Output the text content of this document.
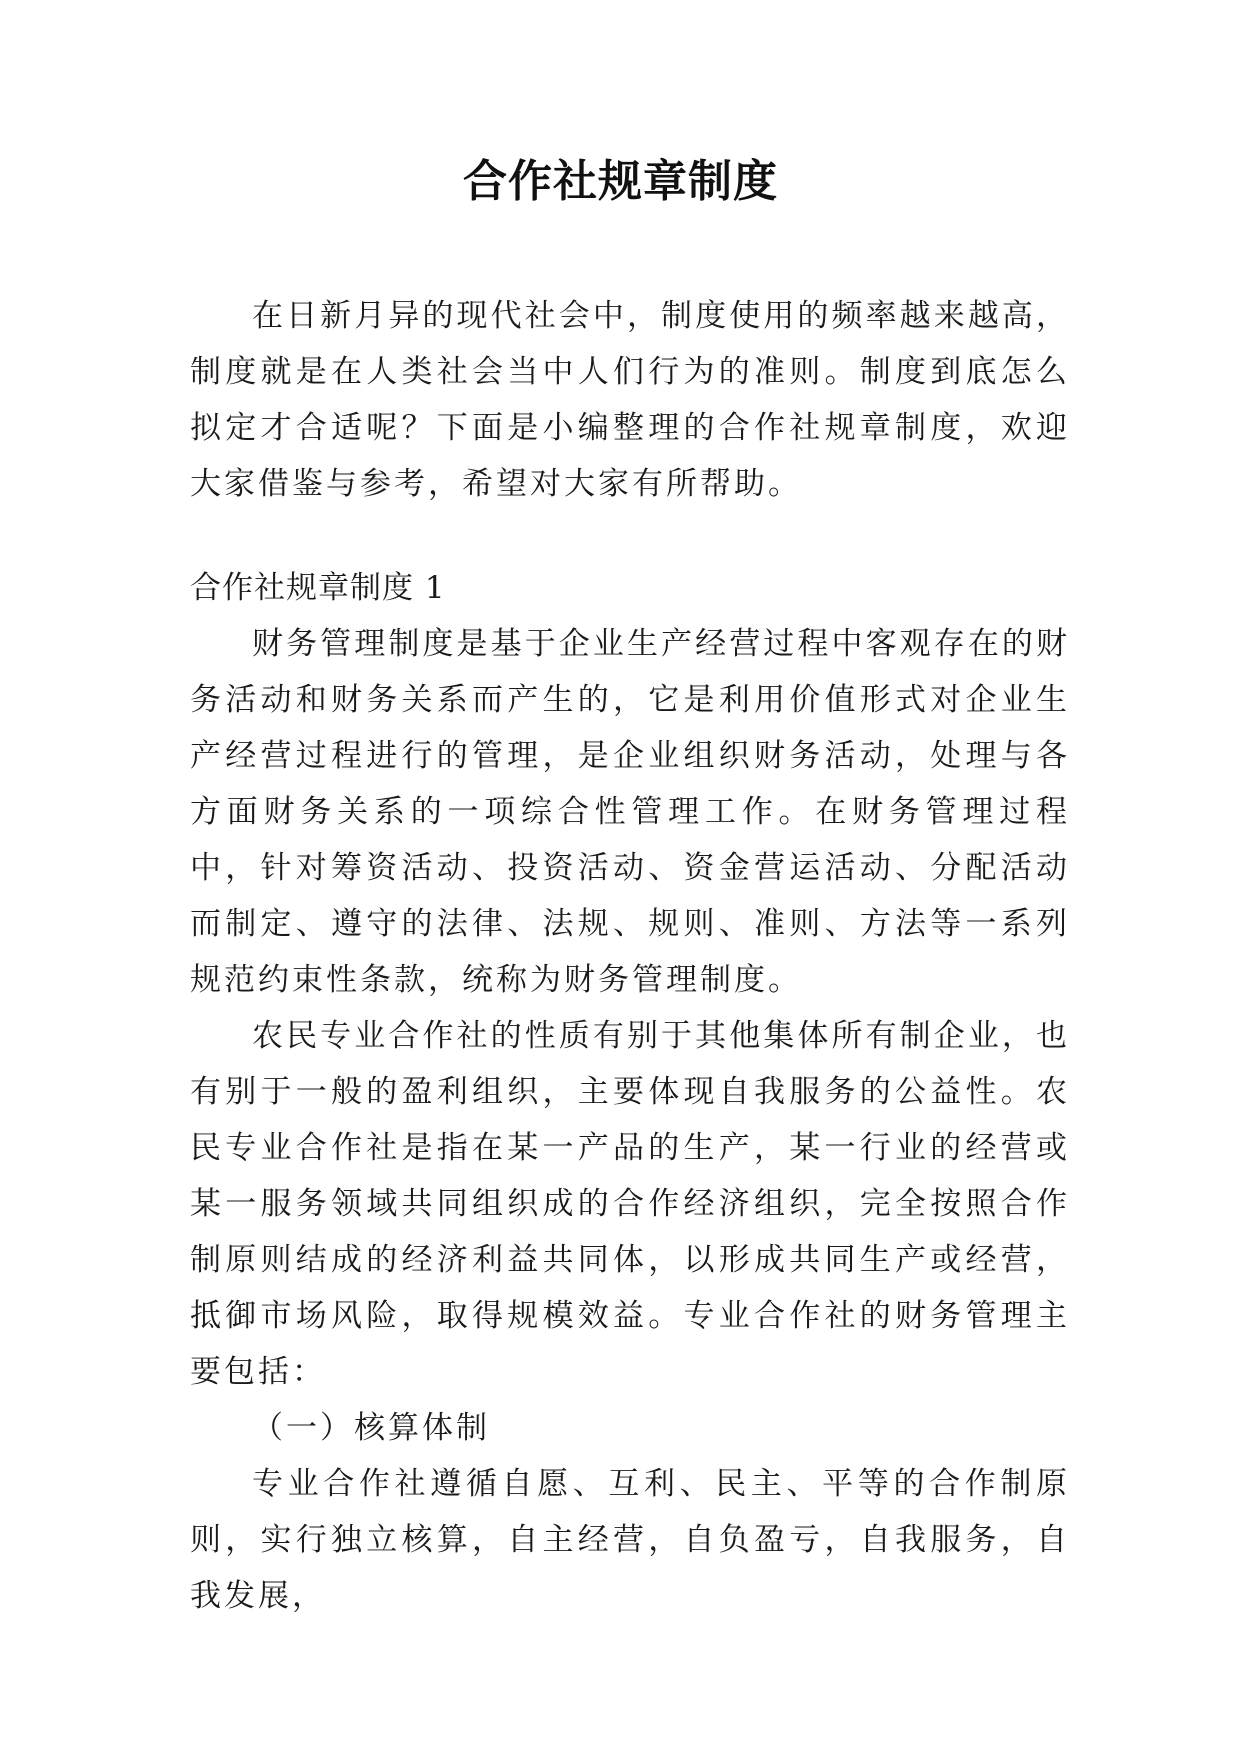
合作社规章制度

在日新月异的现代社会中，制度使用的频率越来越高，制度就是在人类社会当中人们行为的准则。制度到底怎么拟定才合适呢？下面是小编整理的合作社规章制度，欢迎大家借鉴与参考，希望对大家有所帮助。

合作社规章制度 1

财务管理制度是基于企业生产经营过程中客观存在的财务活动和财务关系而产生的，它是利用价值形式对企业生产经营过程进行的管理，是企业组织财务活动，处理与各方面财务关系的一项综合性管理工作。在财务管理过程中，针对筹资活动、投资活动、资金营运活动、分配活动而制定、遵守的法律、法规、规则、准则、方法等一系列规范约束性条款，统称为财务管理制度。

农民专业合作社的性质有别于其他集体所有制企业，也有别于一般的盈利组织，主要体现自我服务的公益性。农民专业合作社是指在某一产品的生产，某一行业的经营或某一服务领域共同组织成的合作经济组织，完全按照合作制原则结成的经济利益共同体，以形成共同生产或经营，抵御市场风险，取得规模效益。专业合作社的财务管理主要包括：

（一）核算体制

专业合作社遵循自愿、互利、民主、平等的合作制原则，实行独立核算，自主经营，自负盈亏，自我服务，自我发展，
